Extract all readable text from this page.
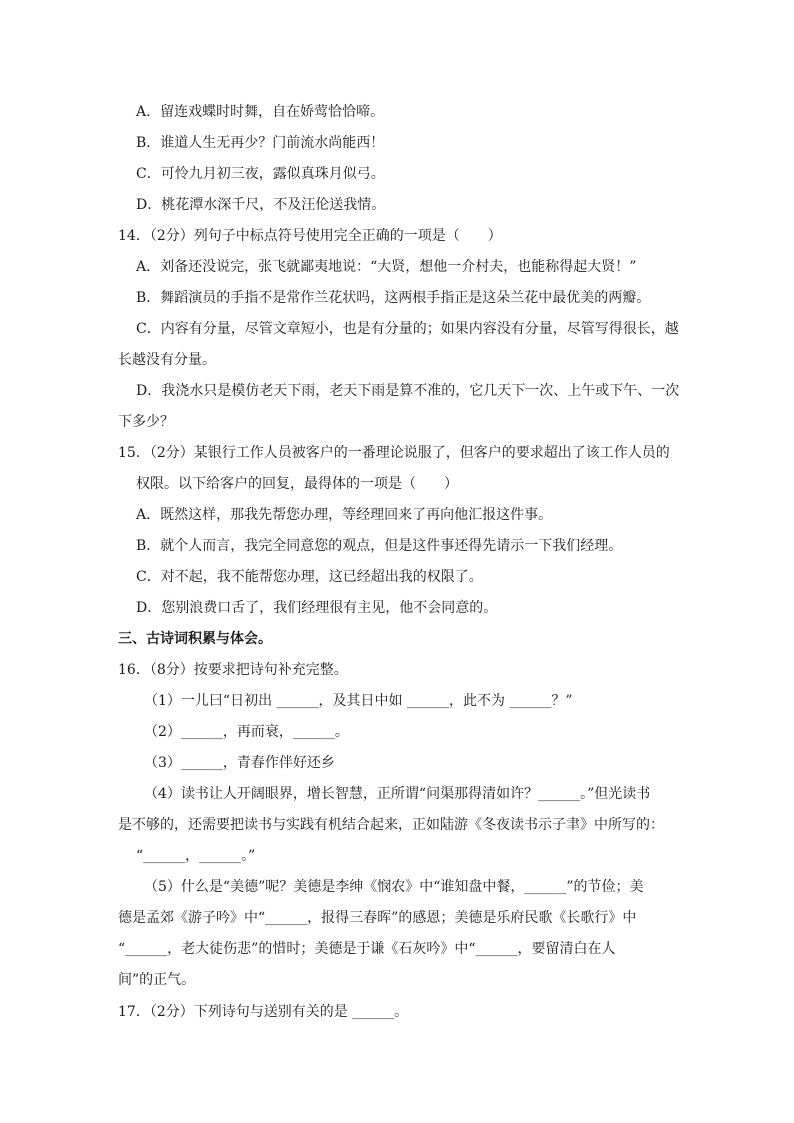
A．留连戏蝶时时舞，自在娇莺恰恰啼。
B．谁道人生无再少？门前流水尚能西！
C．可怜九月初三夜，露似真珠月似弓。
D．桃花潭水深千尺，不及汪伦送我情。
14．（2分）列句子中标点符号使用完全正确的一项是（　　）
A．刘备还没说完，张飞就鄙夷地说：“大贤，想他一介村夫，也能称得起大贤！”
B．舞蹈演员的手指不是常作兰花状吗，这两根手指正是这朵兰花中最优美的两瓣。
C．内容有分量，尽管文章短小，也是有分量的；如果内容没有分量，尽管写得很长，越
长越没有分量。
D．我浇水只是模仿老天下雨，老天下雨是算不准的，它几天下一次、上午或下午、一次
下多少？
15．（2分）某银行工作人员被客户的一番理论说服了，但客户的要求超出了该工作人员的
权限。以下给客户的回复，最得体的一项是（　　）
A．既然这样，那我先帮您办理，等经理回来了再向他汇报这件事。
B．就个人而言，我完全同意您的观点，但是这件事还得先请示一下我们经理。
C．对不起，我不能帮您办理，这已经超出我的权限了。
D．您别浪费口舌了，我们经理很有主见，他不会同意的。
三、古诗词积累与体会。
16．（8分）按要求把诗句补充完整。
（1）一儿曰“日初出 ______，及其日中如 ______，此不为 ______？”
（2）______，再而衰，______。
（3）______，青春作伴好还乡
（4）读书让人开阔眼界，增长智慧，正所谓“问渠那得清如许？______。”但光读书
是不够的，还需要把读书与实践有机结合起来，正如陆游《冬夜读书示子聿》中所写的：
“______，______。”
（5）什么是“美德”呢？美德是李绅《悯农》中“谁知盘中餐，______”的节俭；美
德是孟郊《游子吟》中“______，报得三春晖”的感恩；美德是乐府民歌《长歌行》中
“______，老大徒伤悲”的惜时；美德是于谦《石灰吟》中“______，要留清白在人
间”的正气。
17．（2分）下列诗句与送别有关的是 ______。
